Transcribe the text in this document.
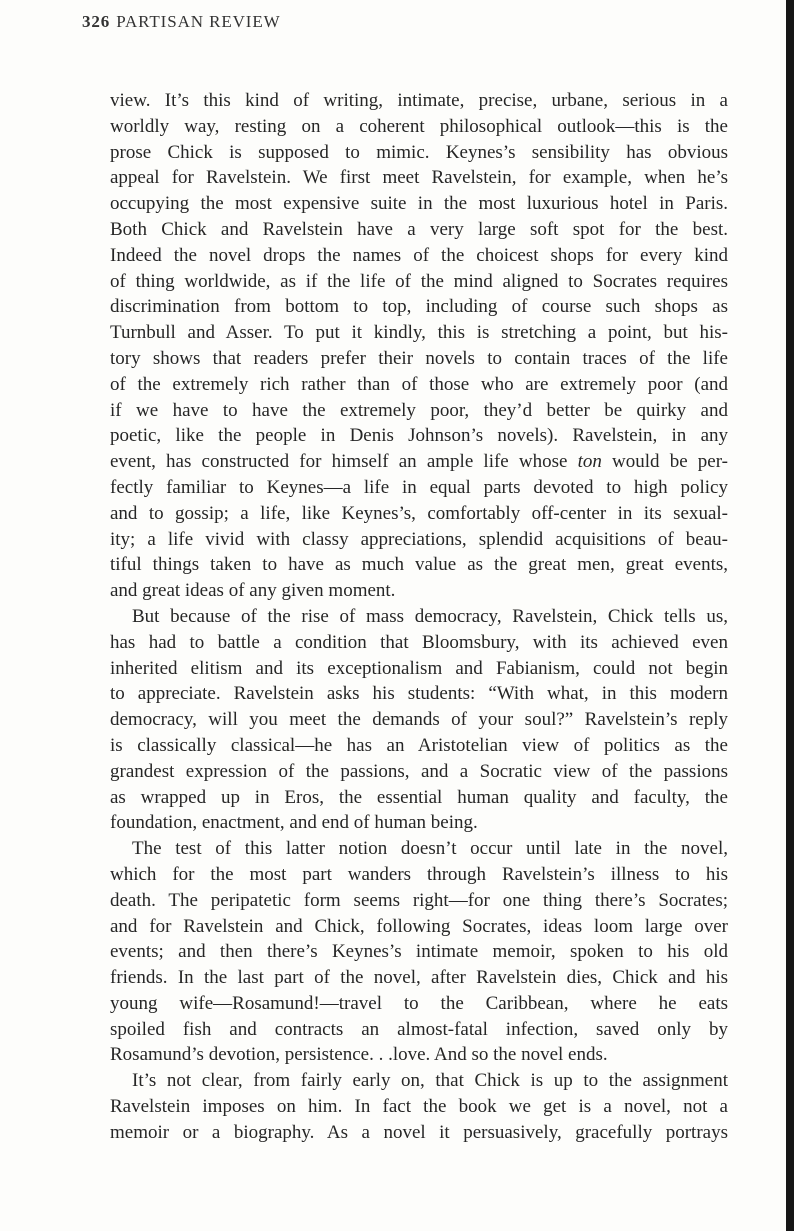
326 PARTISAN REVIEW
view. It’s this kind of writing, intimate, precise, urbane, serious in a
worldly way, resting on a coherent philosophical outlook—this is the
prose Chick is supposed to mimic. Keynes’s sensibility has obvious
appeal for Ravelstein. We first meet Ravelstein, for example, when he’s
occupying the most expensive suite in the most luxurious hotel in Paris.
Both Chick and Ravelstein have a very large soft spot for the best.
Indeed the novel drops the names of the choicest shops for every kind
of thing worldwide, as if the life of the mind aligned to Socrates requires
discrimination from bottom to top, including of course such shops as
Turnbull and Asser. To put it kindly, this is stretching a point, but his-
tory shows that readers prefer their novels to contain traces of the life
of the extremely rich rather than of those who are extremely poor (and
if we have to have the extremely poor, they’d better be quirky and
poetic, like the people in Denis Johnson’s novels). Ravelstein, in any
event, has constructed for himself an ample life whose ton would be per-
fectly familiar to Keynes—a life in equal parts devoted to high policy
and to gossip; a life, like Keynes’s, comfortably off-center in its sexual-
ity; a life vivid with classy appreciations, splendid acquisitions of beau-
tiful things taken to have as much value as the great men, great events,
and great ideas of any given moment.
But because of the rise of mass democracy, Ravelstein, Chick tells us,
has had to battle a condition that Bloomsbury, with its achieved even
inherited elitism and its exceptionalism and Fabianism, could not begin
to appreciate. Ravelstein asks his students: “With what, in this modern
democracy, will you meet the demands of your soul?” Ravelstein’s reply
is classically classical—he has an Aristotelian view of politics as the
grandest expression of the passions, and a Socratic view of the passions
as wrapped up in Eros, the essential human quality and faculty, the
foundation, enactment, and end of human being.
The test of this latter notion doesn’t occur until late in the novel,
which for the most part wanders through Ravelstein’s illness to his
death. The peripatetic form seems right—for one thing there’s Socrates;
and for Ravelstein and Chick, following Socrates, ideas loom large over
events; and then there’s Keynes’s intimate memoir, spoken to his old
friends. In the last part of the novel, after Ravelstein dies, Chick and his
young wife—Rosamund!—travel to the Caribbean, where he eats
spoiled fish and contracts an almost-fatal infection, saved only by
Rosamund’s devotion, persistence. . .love. And so the novel ends.
It’s not clear, from fairly early on, that Chick is up to the assignment
Ravelstein imposes on him. In fact the book we get is a novel, not a
memoir or a biography. As a novel it persuasively, gracefully portrays
